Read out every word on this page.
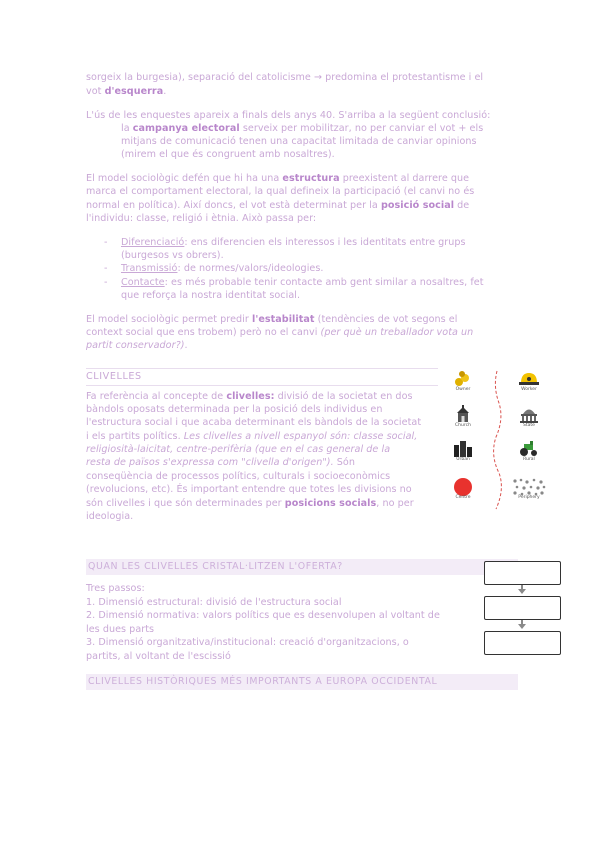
sorgeix la burgesia), separació del catolicisme → predomina el protestantisme i el
vot d'esquerra.
L'ús de les enquestes apareix a finals dels anys 40. S'arriba a la següent conclusió:
la campanya electoral serveix per mobilitzar, no per canviar el vot + els
mitjans de comunicació tenen una capacitat limitada de canviar opinions
(mirem el que és congruent amb nosaltres).
El model sociològic defén que hi ha una estructura preexistent al darrere que
marca el comportament electoral, la qual defineix la participació (el canvi no és
normal en política). Així doncs, el vot està determinat per la posició social de
l'individu: classe, religió i ètnia. Això passa per:
- Diferenciació: ens diferencien els interessos i les identitats entre grups
(burgesos vs obrers).
- Transmissió: de normes/valors/ideologies.
- Contacte: es més probable tenir contacte amb gent similar a nosaltres, fet
que reforça la nostra identitat social.
El model sociològic permet predir l'estabilitat (tendències de vot segons el
context social que ens trobem) però no el canvi (per què un treballador vota un
partit conservador?).
CLIVELLES
Fa referència al concepte de clivelles: divisió de la societat en dos
bàndols oposats determinada per la posició dels individus en
l'estructura social i que acaba determinant els bàndols de la societat
i els partits polítics. Les clivelles a nivell espanyol són: classe social,
religiosità-laicitat, centre-perifèria (que en el cas general de la
resta de països s'expressa com "clivella d'origen"). Són
conseqüència de processos polítics, culturals i socioeconòmics
(revolucions, etc). És important entendre que totes les divisions no
són clivelles i que són determinades per posicions socials, no per
ideologia.
Owner	Worker
Church	State
Urban	Rural
Centre	Periphery
QUAN LES CLIVELLES CRISTAL·LITZEN L'OFERTA?
Tres passos:
1. Dimensió estructural: divisió de l'estructura social
2. Dimensió normativa: valors polítics que es desenvolupen al voltant de
les dues parts
3. Dimensió organitzativa/institucional: creació d'organitzacions, o
partits, al voltant de l'escissió
CLIVELLES HISTÒRIQUES MÉS IMPORTANTS A EUROPA OCCIDENTAL
